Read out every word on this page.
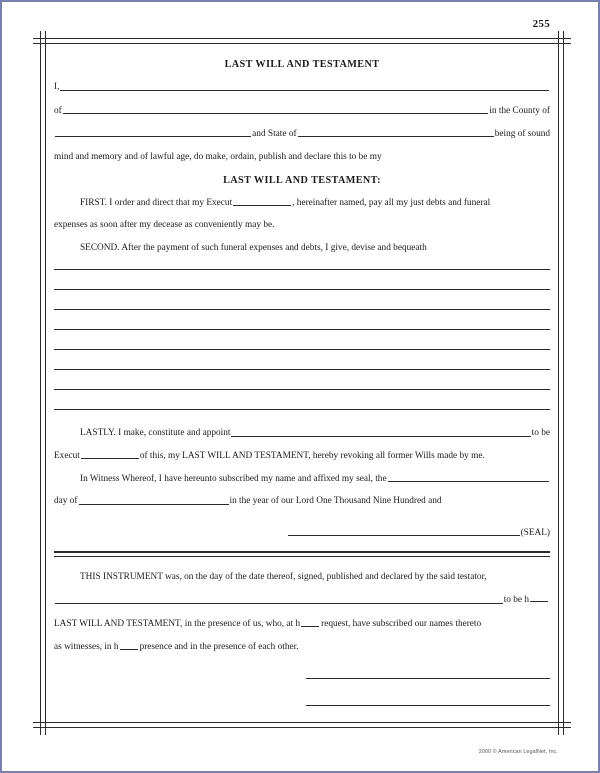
255
LAST WILL AND TESTAMENT
I,
of	in the County of
and State of	being of sound
mind and memory and of lawful age, do make, ordain, publish and declare this to be my
LAST WILL AND TESTAMENT:
FIRST. I order and direct that my Execut	, hereinafter named, pay all my just debts and funeral
expenses as soon after my decease as conveniently may be.
SECOND. After the payment of such funeral expenses and debts, I give, devise and bequeath
LASTLY. I make, constitute and appoint	to be
Execut	of this, my LAST WILL AND TESTAMENT, hereby revoking all former Wills made by me.
In Witness Whereof, I have hereunto subscribed my name and affixed my seal, the
day of	in the year of our Lord One Thousand Nine Hundred and
(SEAL)
THIS INSTRUMENT was, on the day of the date thereof, signed, published and declared by the said testator,
to be h
LAST WILL AND TESTAMENT, in the presence of us, who, at h request, have subscribed our names thereto
as witnesses, in h presence and in the presence of each other.
2000 © American LegalNet, Inc.
